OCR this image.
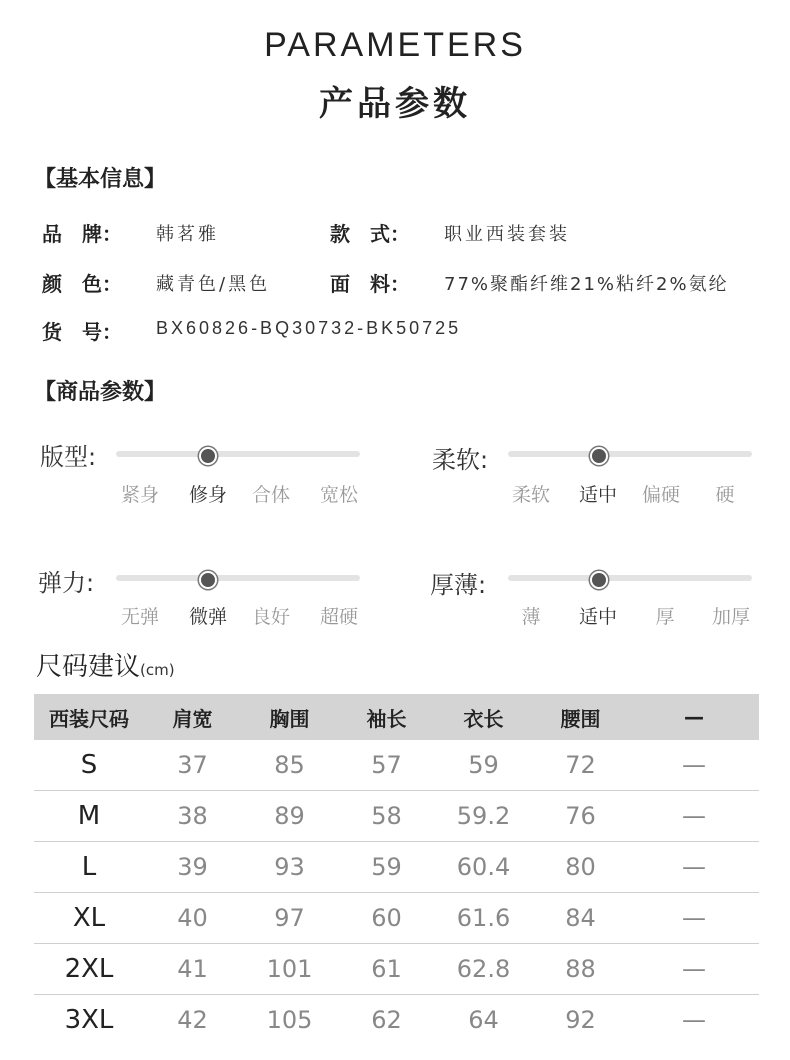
PARAMETERS
产品参数
【基本信息】
品　牌： 韩茗雅	款　式： 职业西装套装
颜　色： 藏青色/黑色	面　料： 77%聚酯纤维21%粘纤2%氨纶
货　号： BX60826-BQ30732-BK50725
【商品参数】
版型:
紧身	修身	合体	宽松
柔软:
柔软	适中	偏硬	硬
弹力:
无弹	微弹	良好	超硬
厚薄:
薄	适中	厚	加厚
尺码建议(cm)
西装尺码	肩宽	胸围	袖长	衣长	腰围	—
S	37	85	57	59	72	—
M	38	89	58	59.2	76	—
L	39	93	59	60.4	80	—
XL	40	97	60	61.6	84	—
2XL	41	101	61	62.8	88	—
3XL	42	105	62	64	92	—
